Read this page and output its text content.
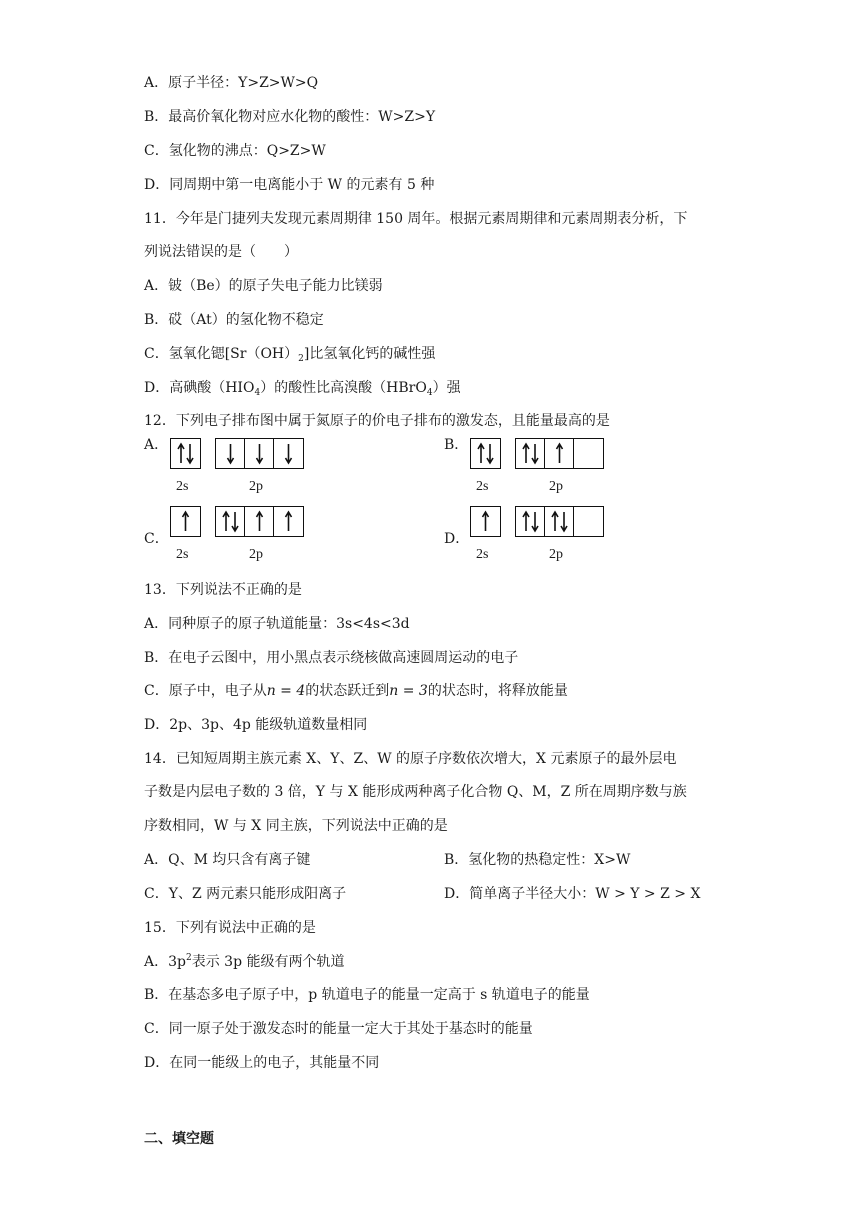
A．原子半径：Y>Z>W>Q
B．最高价氧化物对应水化物的酸性：W>Z>Y
C．氢化物的沸点：Q>Z>W
D．同周期中第一电离能小于 W 的元素有 5 种
11．今年是门捷列夫发现元素周期律 150 周年。根据元素周期律和元素周期表分析，下
列说法错误的是（　　）
A．铍（Be）的原子失电子能力比镁弱
B．砹（At）的氢化物不稳定
C．氢氧化锶$[Sr(OH)_2]$比氢氧化钙的碱性强
D．高碘酸$(HIO_4)$的酸性比高溴酸（HBrO$_4$）强
12．下列电子排布图中属于氮原子的价电子排布的激发态，且能量最高的是
A．
2s	2p
B．
2s	2p
C．
2s	2p
D．
2s	2p
13．下列说法不正确的是
A．同种原子的原子轨道能量：3s<4s<3d
B．在电子云图中，用小黑点表示绕核做高速圆周运动的电子
C．原子中，电子从n = 4的状态跃迁到n = 3的状态时，将释放能量
D．2p、3p、4p 能级轨道数量相同
14．已知短周期主族元素 X、Y、Z、W 的原子序数依次增大，X 元素原子的最外层电
子数是内层电子数的 3 倍，Y 与 X 能形成两种离子化合物 Q、M，Z 所在周期序数与族
序数相同，W 与 X 同主族，下列说法中正确的是
A．Q、M 均只含有离子键	B．氢化物的热稳定性：X>W
C．Y、Z 两元素只能形成阳离子	D．简单离子半径大小：W > Y > Z > X
15．下列有说法中正确的是
A．$3p^2$表示 3p 能级有两个轨道
B．在基态多电子原子中，p 轨道电子的能量一定高于 s 轨道电子的能量
C．同一原子处于激发态时的能量一定大于其处于基态时的能量
D．在同一能级上的电子，其能量不同
二、填空题
